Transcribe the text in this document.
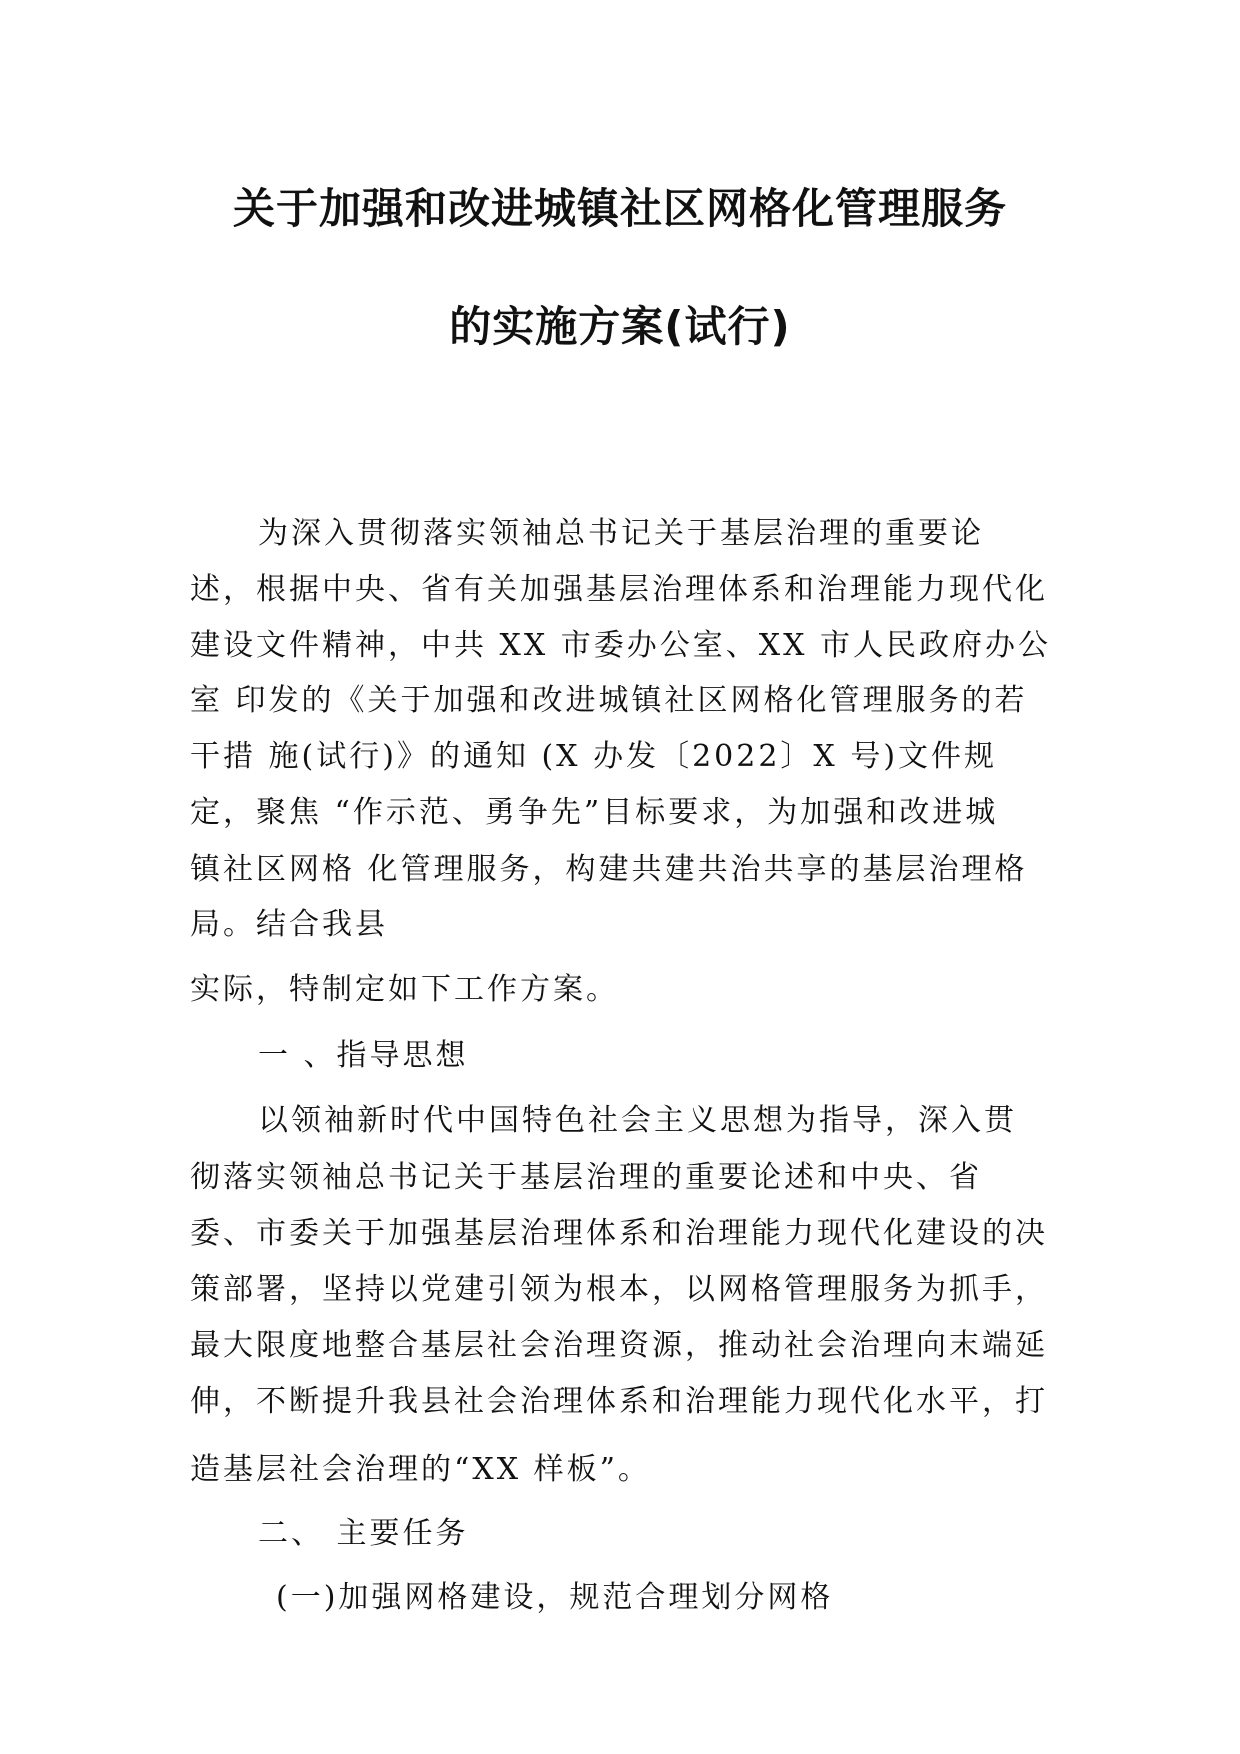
关于加强和改进城镇社区网格化管理服务
的实施方案(试行)
为深入贯彻落实领袖总书记关于基层治理的重要论
述，根据中央、省有关加强基层治理体系和治理能力现代化
建设文件精神，中共 XX 市委办公室、XX 市人民政府办公
室 印发的《关于加强和改进城镇社区网格化管理服务的若
干措 施(试行)》的通知 (X 办发〔2022〕X 号)文件规
定，聚焦 “作示范、勇争先”目标要求，为加强和改进城
镇社区网格 化管理服务，构建共建共治共享的基层治理格
局。结合我县
实际，特制定如下工作方案。
一 、指导思想
以领袖新时代中国特色社会主义思想为指导，深入贯
彻落实领袖总书记关于基层治理的重要论述和中央、省
委、市委关于加强基层治理体系和治理能力现代化建设的决
策部署，坚持以党建引领为根本，以网格管理服务为抓手，
最大限度地整合基层社会治理资源，推动社会治理向末端延
伸，不断提升我县社会治理体系和治理能力现代化水平，打
造基层社会治理的“XX 样板”。
二、 主要任务
(一)加强网格建设，规范合理划分网格
